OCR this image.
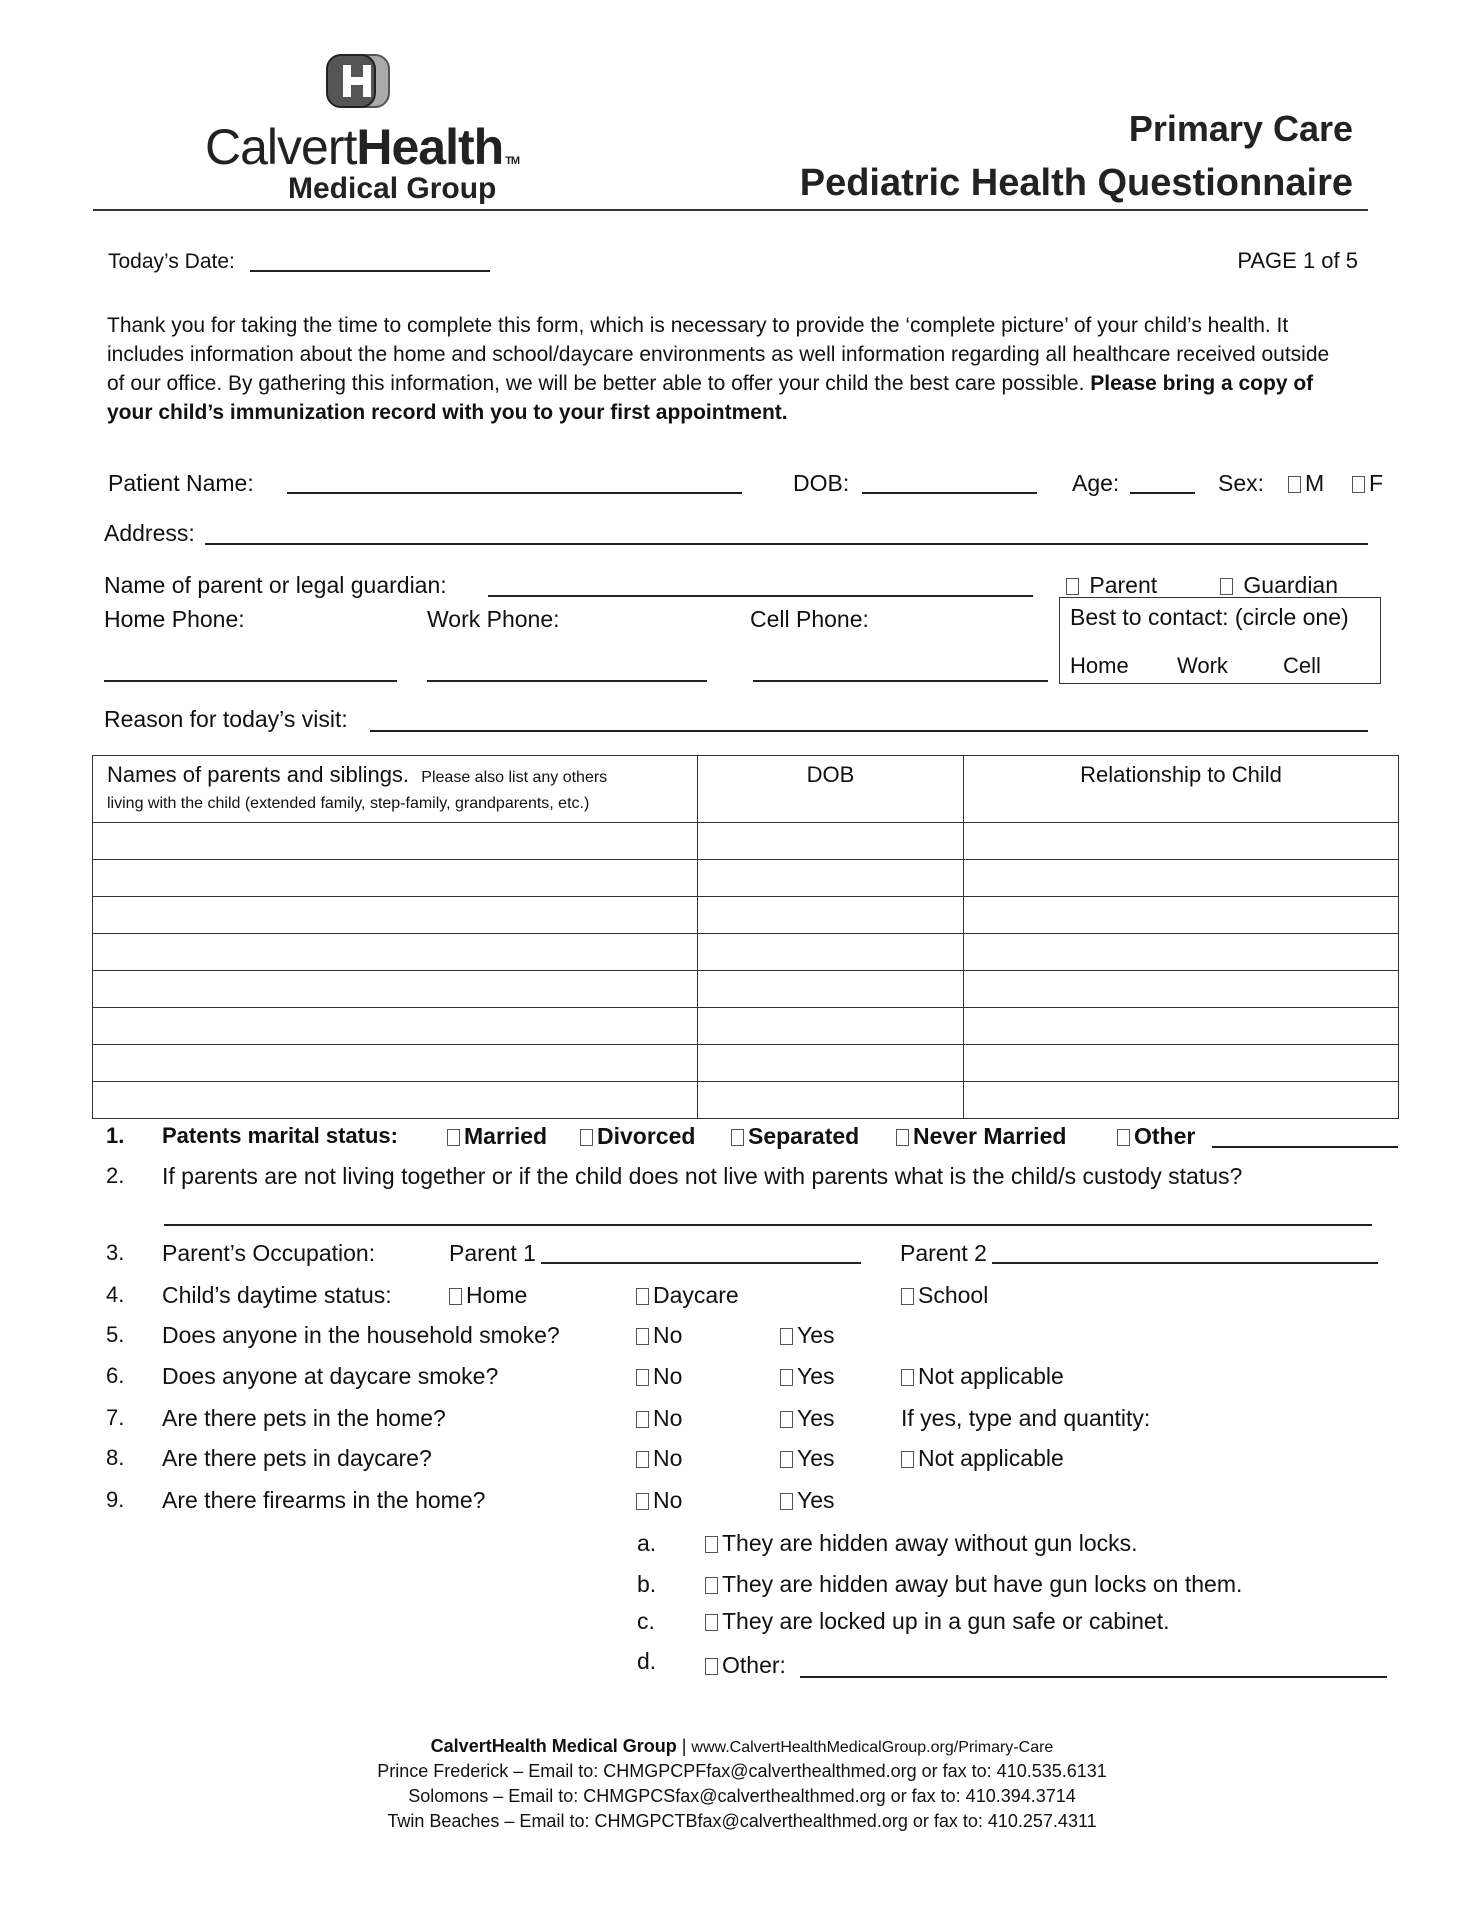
CalvertHealth TM
Medical Group
Primary Care
Pediatric Health Questionnaire
Today’s Date:	PAGE 1 of 5
Thank you for taking the time to complete this form, which is necessary to provide the ‘complete picture’ of your child’s health. It includes information about the home and school/daycare environments as well information regarding all healthcare received outside of our office. By gathering this information, we will be better able to offer your child the best care possible. Please bring a copy of your child’s immunization record with you to your first appointment.
Patient Name:	DOB:	Age:	Sex:	M	F
Address:
Name of parent or legal guardian:	Parent	Guardian
Home Phone:	Work Phone:	Cell Phone:	Best to contact: (circle one)
Home Work	Cell
Reason for today’s visit:
Names of parents and siblings. Please also list any others
living with the child (extended family, step-family, grandparents, etc.)	DOB	Relationship to Child

1. Patents marital status:	Married	Divorced	Separated	Never Married	Other
2. If parents are not living together or if the child does not live with parents what is the child/s custody status?
3. Parent’s Occupation:	Parent 1	Parent 2
4. Child’s daytime status:	Home	Daycare	School
5. Does anyone in the household smoke?	No	Yes
6. Does anyone at daycare smoke?	No	Yes	Not applicable
7. Are there pets in the home?	No	Yes	If yes, type and quantity:
8. Are there pets in daycare?	No	Yes	Not applicable
9. Are there firearms in the home?	No	Yes
a.	They are hidden away without gun locks.
b.	They are hidden away but have gun locks on them.
c.	They are locked up in a gun safe or cabinet.
d.	Other:
CalvertHealth Medical Group | www.CalvertHealthMedicalGroup.org/Primary-Care
Prince Frederick – Email to: CHMGPCPFfax@calverthealthmed.org or fax to: 410.535.6131
Solomons – Email to: CHMGPCSfax@calverthealthmed.org or fax to: 410.394.3714
Twin Beaches – Email to: CHMGPCTBfax@calverthealthmed.org or fax to: 410.257.4311
